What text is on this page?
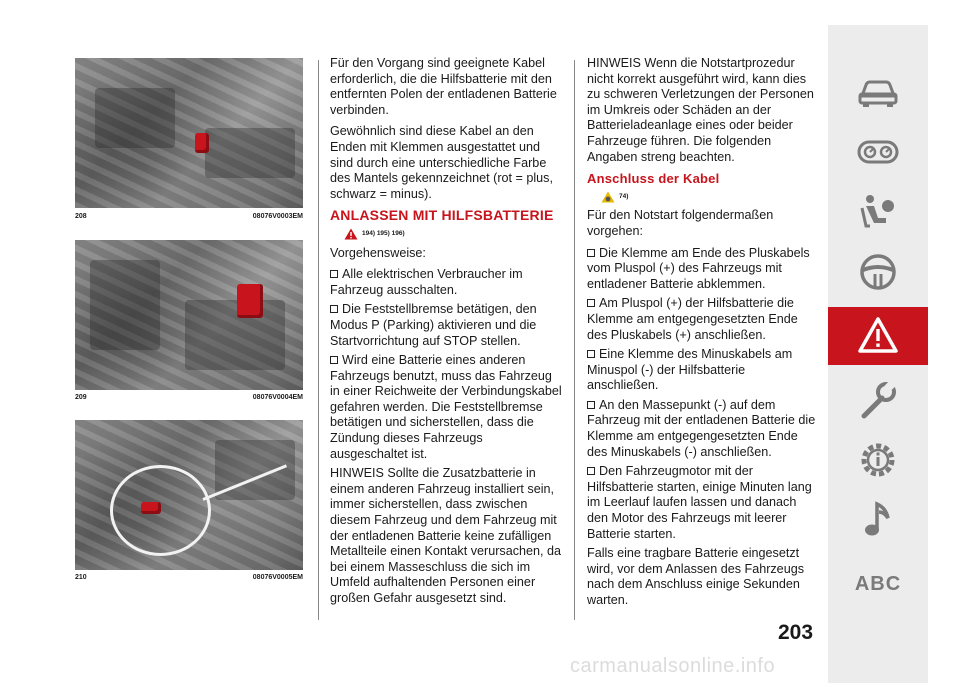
208	08076V0003EM
209	08076V0004EM
210	08076V0005EM

Für den Vorgang sind geeignete Kabel erforderlich, die die Hilfsbatterie mit den entfernten Polen der entladenen Batterie verbinden.

Gewöhnlich sind diese Kabel an den Enden mit Klemmen ausgestattet und sind durch eine unterschiedliche Farbe des Mantels gekennzeichnet (rot = plus, schwarz = minus).

ANLASSEN MIT HILFSBATTERIE
194) 195) 196)

Vorgehensweise:

Alle elektrischen Verbraucher im Fahrzeug ausschalten.
Die Feststellbremse betätigen, den Modus P (Parking) aktivieren und die Startvorrichtung auf STOP stellen.
Wird eine Batterie eines anderen Fahrzeugs benutzt, muss das Fahrzeug in einer Reichweite der Verbindungskabel gefahren werden. Die Feststellbremse betätigen und sicherstellen, dass die Zündung dieses Fahrzeugs ausgeschaltet ist.

HINWEIS Sollte die Zusatzbatterie in einem anderen Fahrzeug installiert sein, immer sicherstellen, dass zwischen diesem Fahrzeug und dem Fahrzeug mit der entladenen Batterie keine zufälligen Metallteile einen Kontakt verursachen, da bei einem Masseschluss die sich im Umfeld aufhaltenden Personen einer großen Gefahr ausgesetzt sind.

HINWEIS Wenn die Notstartprozedur nicht korrekt ausgeführt wird, kann dies zu schweren Verletzungen der Personen im Umkreis oder Schäden an der Batterieladeanlage eines oder beider Fahrzeuge führen. Die folgenden Angaben streng beachten.

Anschluss der Kabel
74)

Für den Notstart folgendermaßen vorgehen:

Die Klemme am Ende des Pluskabels vom Pluspol (+) des Fahrzeugs mit entladener Batterie abklemmen.
Am Pluspol (+) der Hilfsbatterie die Klemme am entgegengesetzten Ende des Pluskabels (+) anschließen.
Eine Klemme des Minuskabels am Minuspol (-) der Hilfsbatterie anschließen.
An den Massepunkt (-) auf dem Fahrzeug mit der entladenen Batterie die Klemme am entgegengesetzten Ende des Minuskabels (-) anschließen.
Den Fahrzeugmotor mit der Hilfsbatterie starten, einige Minuten lang im Leerlauf laufen lassen und danach den Motor des Fahrzeugs mit leerer Batterie starten.

Falls eine tragbare Batterie eingesetzt wird, vor dem Anlassen des Fahrzeugs nach dem Anschluss einige Sekunden warten.

203
ABC
carmanualsonline.info
